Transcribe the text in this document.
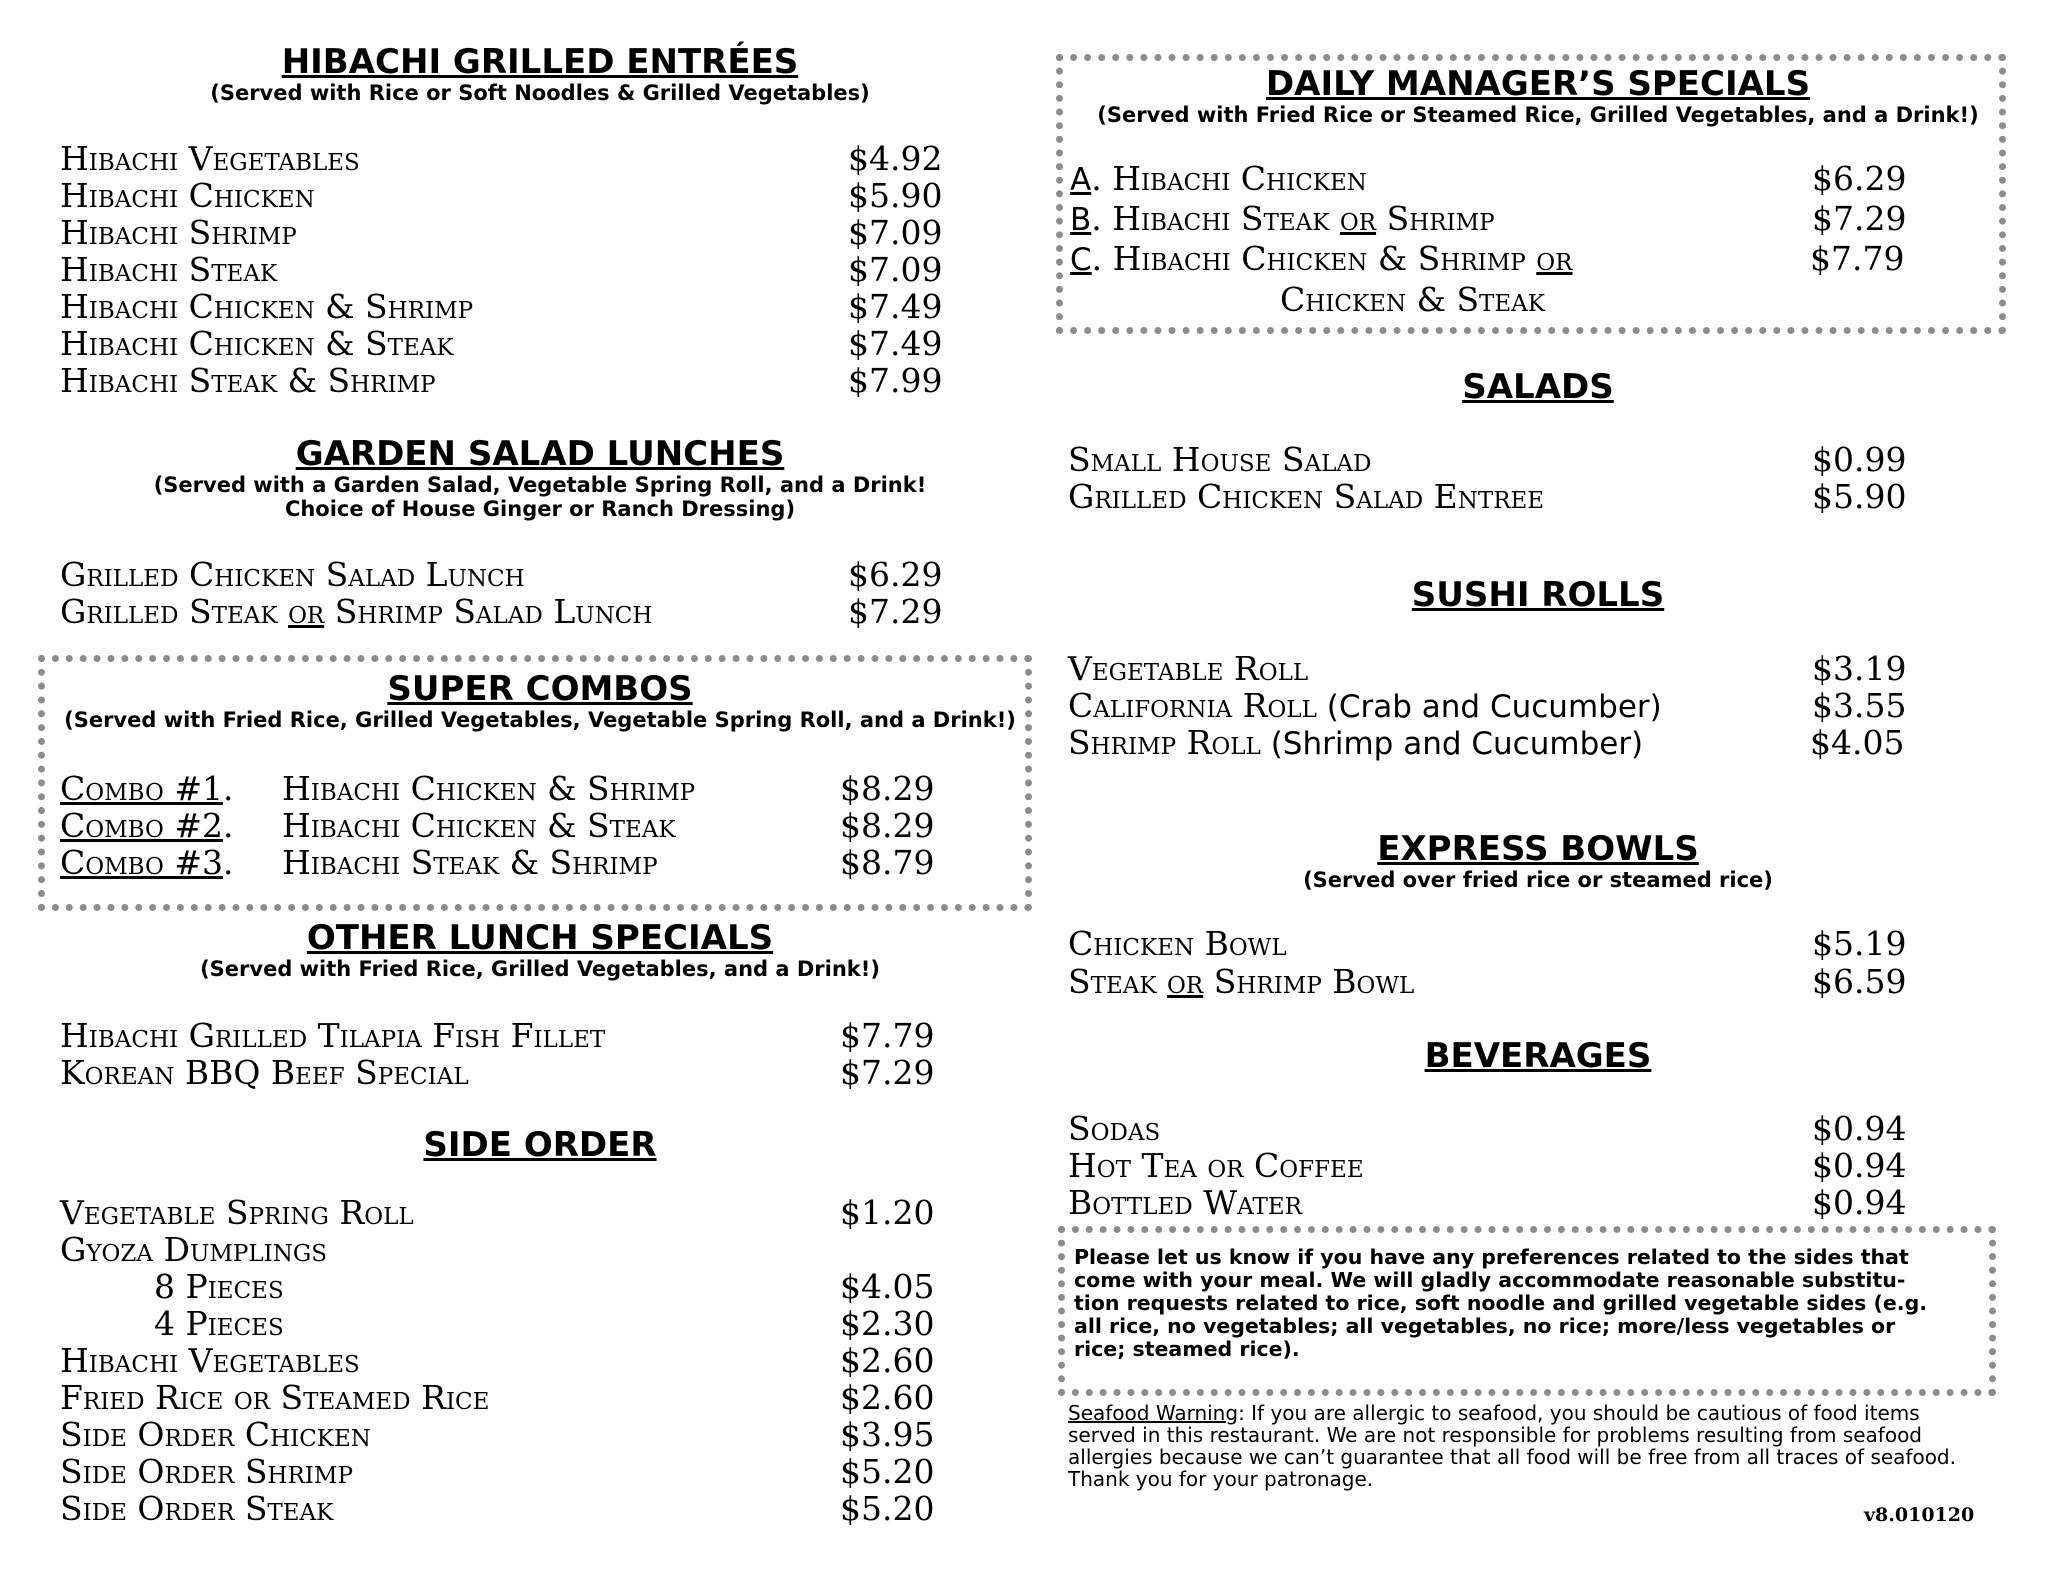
HIBACHI GRILLED ENTRÉES
(Served with Rice or Soft Noodles & Grilled Vegetables)
Hibachi Vegetables	$4.92
Hibachi Chicken	$5.90
Hibachi Shrimp	$7.09
Hibachi Steak	$7.09
Hibachi Chicken & Shrimp	$7.49
Hibachi Chicken & Steak	$7.49
Hibachi Steak & Shrimp	$7.99
GARDEN SALAD LUNCHES
(Served with a Garden Salad, Vegetable Spring Roll, and a Drink!
Choice of House Ginger or Ranch Dressing)
Grilled Chicken Salad Lunch	$6.29
Grilled Steak or Shrimp Salad Lunch	$7.29
SUPER COMBOS
(Served with Fried Rice, Grilled Vegetables, Vegetable Spring Roll, and a Drink!)
Combo #1. Hibachi Chicken & Shrimp	$8.29
Combo #2. Hibachi Chicken & Steak	$8.29
Combo #3. Hibachi Steak & Shrimp	$8.79
OTHER LUNCH SPECIALS
(Served with Fried Rice, Grilled Vegetables, and a Drink!)
Hibachi Grilled Tilapia Fish Fillet	$7.79
Korean BBQ Beef Special	$7.29
SIDE ORDER
Vegetable Spring Roll	$1.20
Gyoza Dumplings
8 Pieces	$4.05
4 Pieces	$2.30
Hibachi Vegetables	$2.60
Fried Rice or Steamed Rice	$2.60
Side Order Chicken	$3.95
Side Order Shrimp	$5.20
Side Order Steak	$5.20
DAILY MANAGER’S SPECIALS
(Served with Fried Rice or Steamed Rice, Grilled Vegetables, and a Drink!)
A. Hibachi Chicken	$6.29
B. Hibachi Steak or Shrimp	$7.29
C. Hibachi Chicken & Shrimp or	$7.79
Chicken & Steak
SALADS
Small House Salad	$0.99
Grilled Chicken Salad Entree	$5.90
SUSHI ROLLS
Vegetable Roll	$3.19
California Roll (Crab and Cucumber)	$3.55
Shrimp Roll (Shrimp and Cucumber)	$4.05
EXPRESS BOWLS
(Served over fried rice or steamed rice)
Chicken Bowl	$5.19
Steak or Shrimp Bowl	$6.59
BEVERAGES
Sodas	$0.94
Hot Tea or Coffee	$0.94
Bottled Water	$0.94
Please let us know if you have any preferences related to the sides that
come with your meal. We will gladly accommodate reasonable substitu-
tion requests related to rice, soft noodle and grilled vegetable sides (e.g.
all rice, no vegetables; all vegetables, no rice; more/less vegetables or
rice; steamed rice).
Seafood Warning: If you are allergic to seafood, you should be cautious of food items
served in this restaurant. We are not responsible for problems resulting from seafood
allergies because we can’t guarantee that all food will be free from all traces of seafood.
Thank you for your patronage.
v8.010120
